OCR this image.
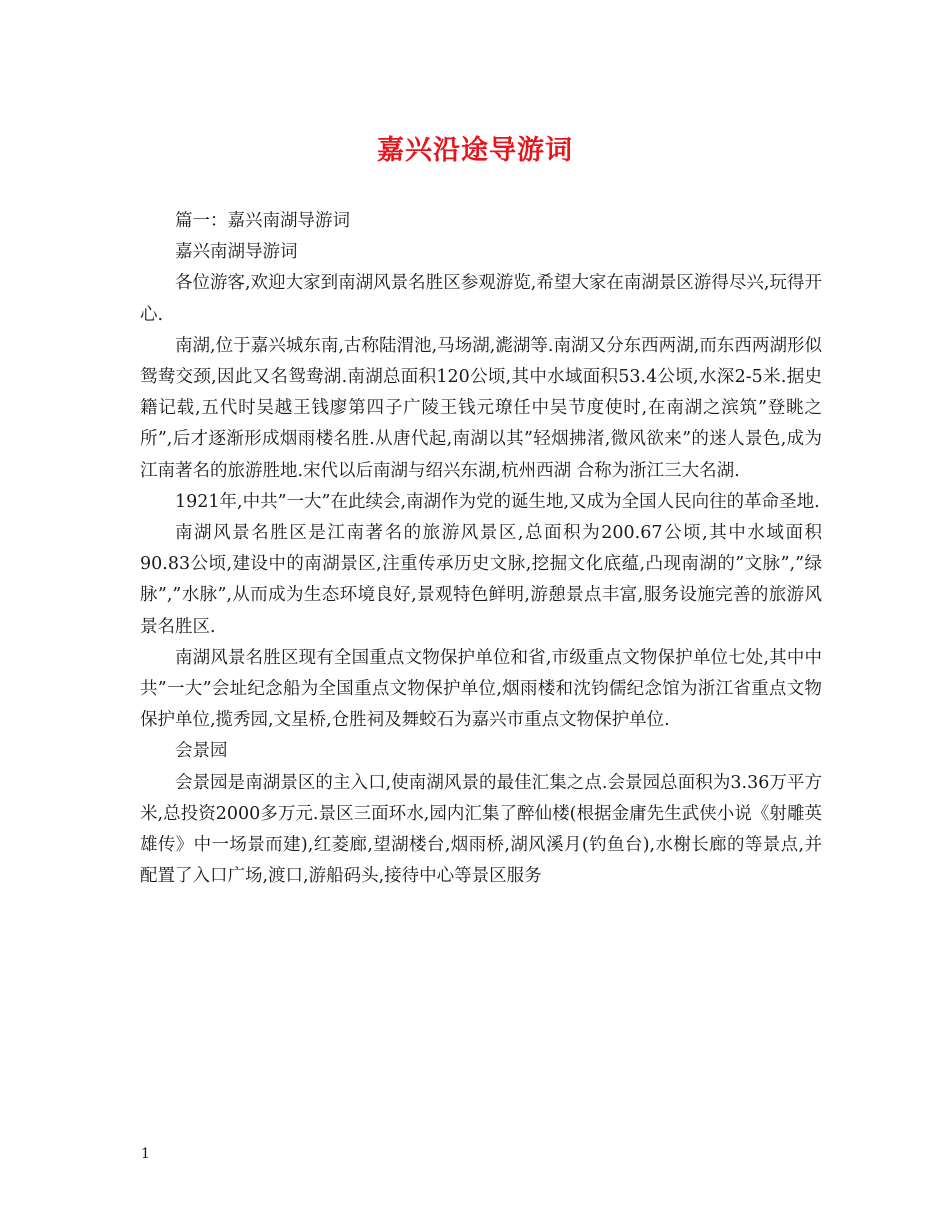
嘉兴沿途导游词

篇一：嘉兴南湖导游词

嘉兴南湖导游词

各位游客,欢迎大家到南湖风景名胜区参观游览,希望大家在南湖景区游得尽兴,玩得开心.

南湖,位于嘉兴城东南,古称陆渭池,马场湖,滮湖等.南湖又分东西两湖,而东西两湖形似鸳鸯交颈,因此又名鸳鸯湖.南湖总面积120公顷,其中水域面积53.4公顷,水深2-5米.据史籍记载,五代时吴越王钱廖第四子广陵王钱元璙任中吴节度使时,在南湖之滨筑”登眺之所”,后才逐渐形成烟雨楼名胜.从唐代起,南湖以其”轻烟拂渚,微风欲来”的迷人景色,成为江南著名的旅游胜地.宋代以后南湖与绍兴东湖,杭州西湖 合称为浙江三大名湖.

1921年,中共”一大”在此续会,南湖作为党的诞生地,又成为全国人民向往的革命圣地.

南湖风景名胜区是江南著名的旅游风景区,总面积为200.67公顷,其中水域面积90.83公顷,建设中的南湖景区,注重传承历史文脉,挖掘文化底蕴,凸现南湖的”文脉”,”绿脉”,”水脉”,从而成为生态环境良好,景观特色鲜明,游憩景点丰富,服务设施完善的旅游风景名胜区.

南湖风景名胜区现有全国重点文物保护单位和省,市级重点文物保护单位七处,其中中共”一大”会址纪念船为全国重点文物保护单位,烟雨楼和沈钧儒纪念馆为浙江省重点文物保护单位,揽秀园,文星桥,仓胜祠及舞蛟石为嘉兴市重点文物保护单位.

会景园

会景园是南湖景区的主入口,使南湖风景的最佳汇集之点.会景园总面积为3.36万平方米,总投资2000多万元.景区三面环水,园内汇集了醉仙楼(根据金庸先生武侠小说《射雕英雄传》中一场景而建),红菱廊,望湖楼台,烟雨桥,湖风溪月(钓鱼台),水榭长廊的等景点,并配置了入口广场,渡口,游船码头,接待中心等景区服务

1
